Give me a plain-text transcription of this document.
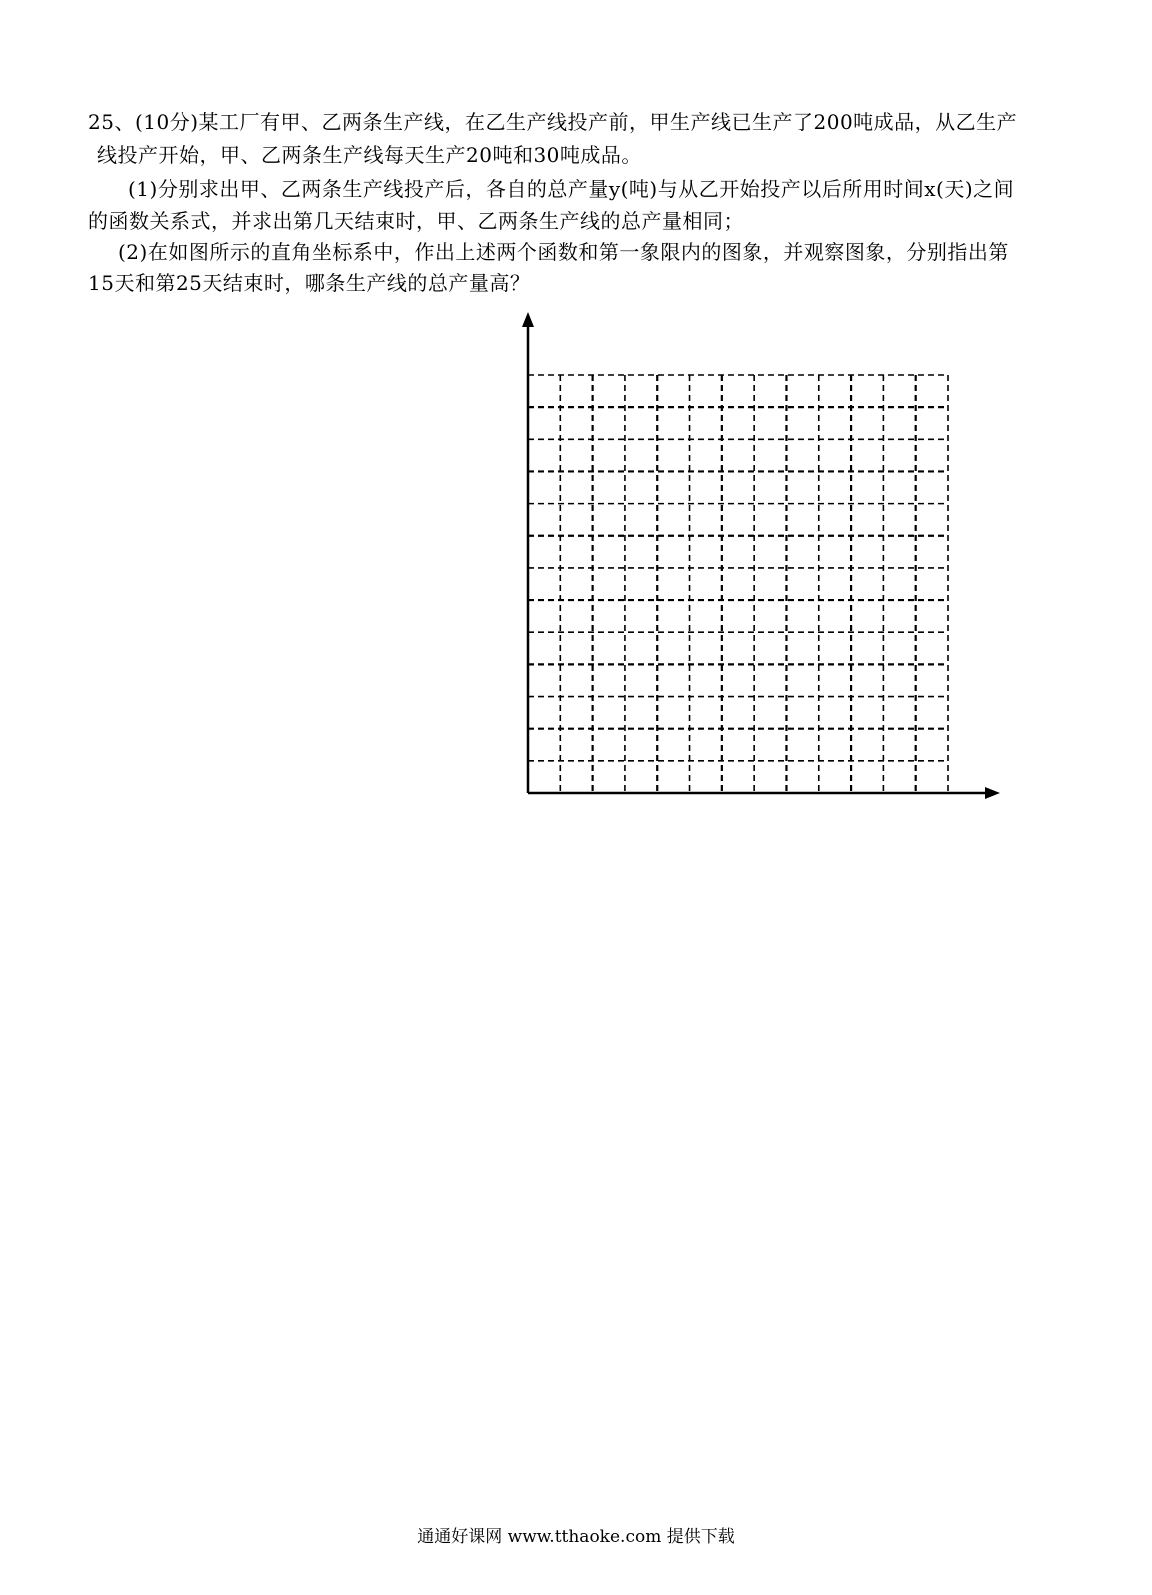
25、(10分)某工厂有甲、乙两条生产线，在乙生产线投产前，甲生产线已生产了200吨成品，从乙生产
线投产开始，甲、乙两条生产线每天生产20吨和30吨成品。
(1)分别求出甲、乙两条生产线投产后，各自的总产量y(吨)与从乙开始投产以后所用时间x(天)之间
的函数关系式，并求出第几天结束时，甲、乙两条生产线的总产量相同；
(2)在如图所示的直角坐标系中，作出上述两个函数和第一象限内的图象，并观察图象，分别指出第
15天和第25天结束时，哪条生产线的总产量高？
通通好课网 www.tthaoke.com 提供下载
